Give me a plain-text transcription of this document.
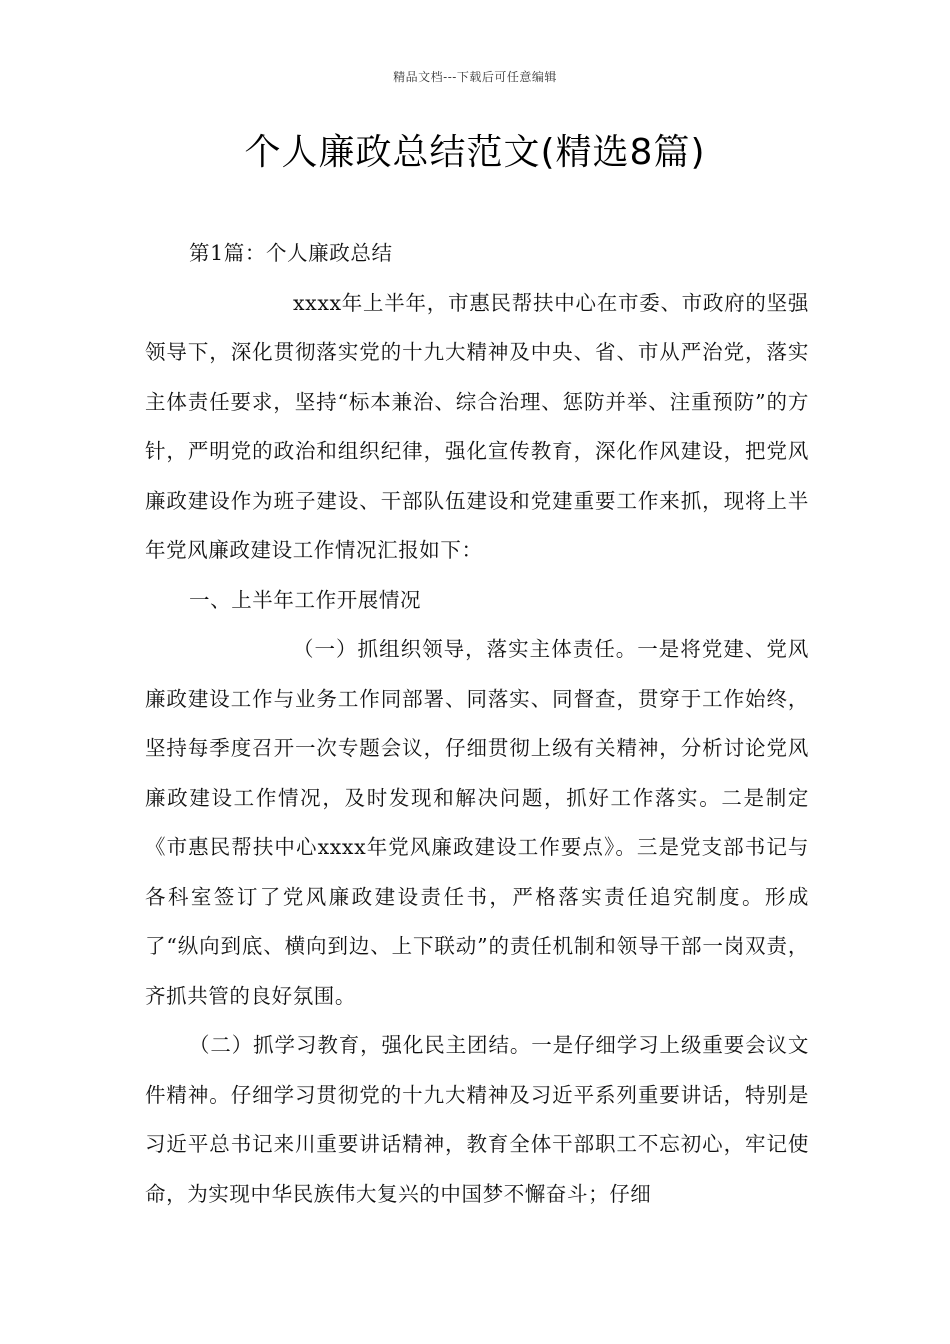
精品文档---下载后可任意编辑
个人廉政总结范文(精选8篇)

第1篇：个人廉政总结

xxxx年上半年，市惠民帮扶中心在市委、市政府的坚强领导下，深化贯彻落实党的十九大精神及中央、省、市从严治党，落实主体责任要求，坚持“标本兼治、综合治理、惩防并举、注重预防”的方针，严明党的政治和组织纪律，强化宣传教育，深化作风建设，把党风廉政建设作为班子建设、干部队伍建设和党建重要工作来抓，现将上半年党风廉政建设工作情况汇报如下：

一、上半年工作开展情况

（一）抓组织领导，落实主体责任。一是将党建、党风廉政建设工作与业务工作同部署、同落实、同督查，贯穿于工作始终，坚持每季度召开一次专题会议，仔细贯彻上级有关精神，分析讨论党风廉政建设工作情况，及时发现和解决问题，抓好工作落实。二是制定《市惠民帮扶中心xxxx年党风廉政建设工作要点》。三是党支部书记与各科室签订了党风廉政建设责任书，严格落实责任追究制度。形成了“纵向到底、横向到边、上下联动”的责任机制和领导干部一岗双责，齐抓共管的良好氛围。

（二）抓学习教育，强化民主团结。一是仔细学习上级重要会议文件精神。仔细学习贯彻党的十九大精神及习近平系列重要讲话，特别是习近平总书记来川重要讲话精神，教育全体干部职工不忘初心，牢记使命，为实现中华民族伟大复兴的中国梦不懈奋斗；仔细
